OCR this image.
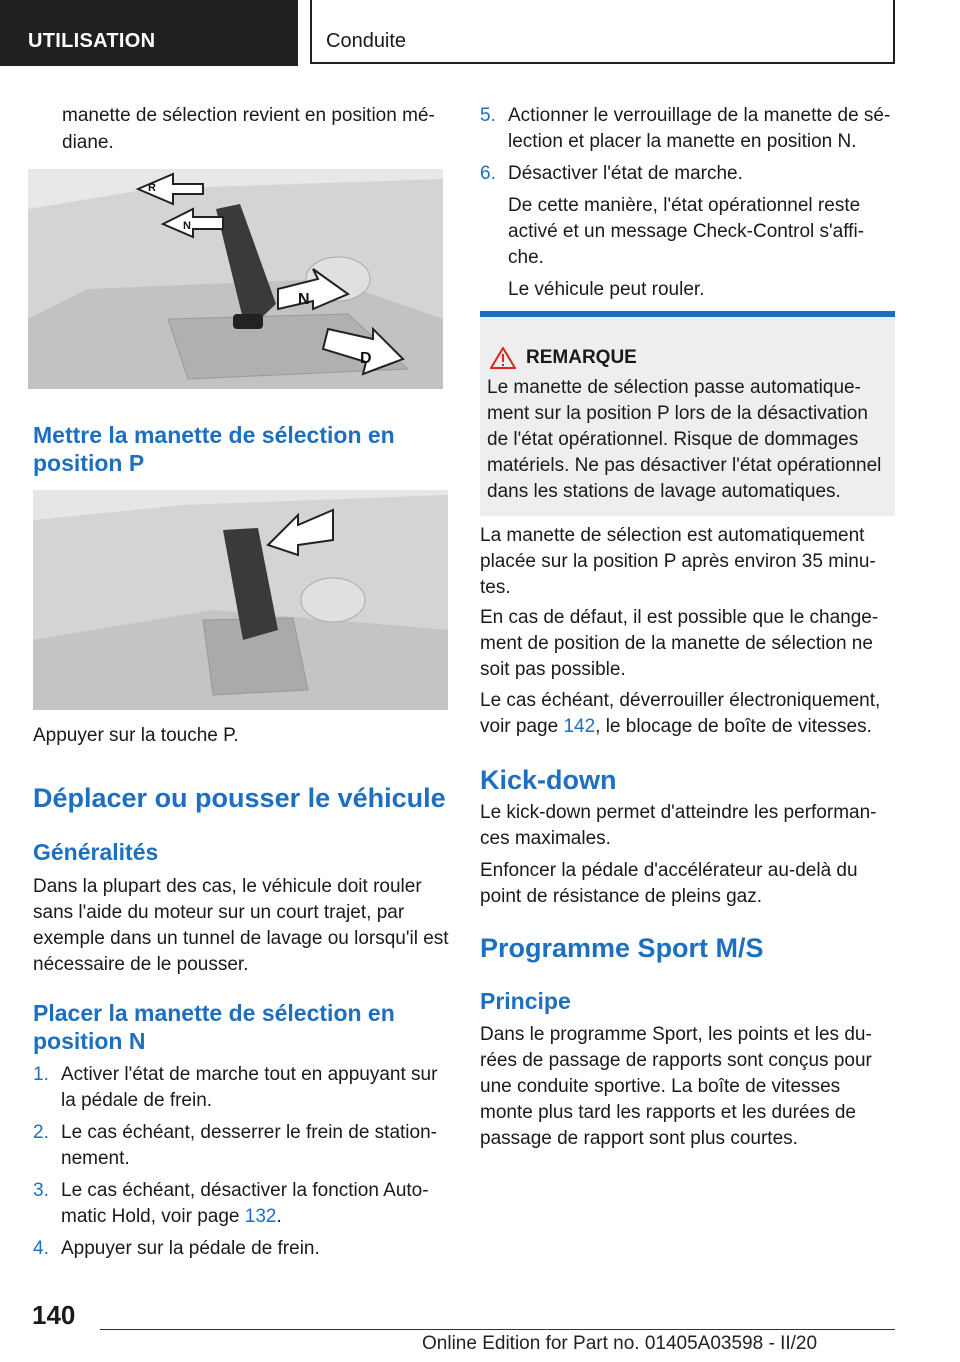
UTILISATION	Conduite

manette de sélection revient en position mé-

diane.

R
N
D
N

Mettre la manette de sélection en

position P

Appuyer sur la touche P.

Déplacer ou pousser le véhicule

Généralités

Dans la plupart des cas, le véhicule doit rouler

sans l'aide du moteur sur un court trajet, par

exemple dans un tunnel de lavage ou lorsqu'il est

nécessaire de le pousser.

Placer la manette de sélection en

position N

1. Activer l'état de marche tout en appuyant sur

la pédale de frein.

2. Le cas échéant, desserrer le frein de station-

nement.

3. Le cas échéant, désactiver la fonction Auto-

matic Hold, voir page 132.

4. Appuyer sur la pédale de frein.

5. Actionner le verrouillage de la manette de sé-

lection et placer la manette en position N.

6. Désactiver l'état de marche.

De cette manière, l'état opérationnel reste

activé et un message Check-Control s'affi-

che.

Le véhicule peut rouler.

REMARQUE

Le manette de sélection passe automatique-

ment sur la position P lors de la désactivation

de l'état opérationnel. Risque de dommages

matériels. Ne pas désactiver l'état opérationnel

dans les stations de lavage automatiques.

La manette de sélection est automatiquement

placée sur la position P après environ 35 minu-

tes.

En cas de défaut, il est possible que le change-

ment de position de la manette de sélection ne

soit pas possible.

Le cas échéant, déverrouiller électroniquement,

voir page 142, le blocage de boîte de vitesses.

Kick-down

Le kick-down permet d'atteindre les performan-

ces maximales.

Enfoncer la pédale d'accélérateur au-delà du

point de résistance de pleins gaz.

Programme Sport M/S

Principe

Dans le programme Sport, les points et les du-

rées de passage de rapports sont conçus pour

une conduite sportive. La boîte de vitesses

monte plus tard les rapports et les durées de

passage de rapport sont plus courtes.

140
Online Edition for Part no. 01405A03598 - II/20
